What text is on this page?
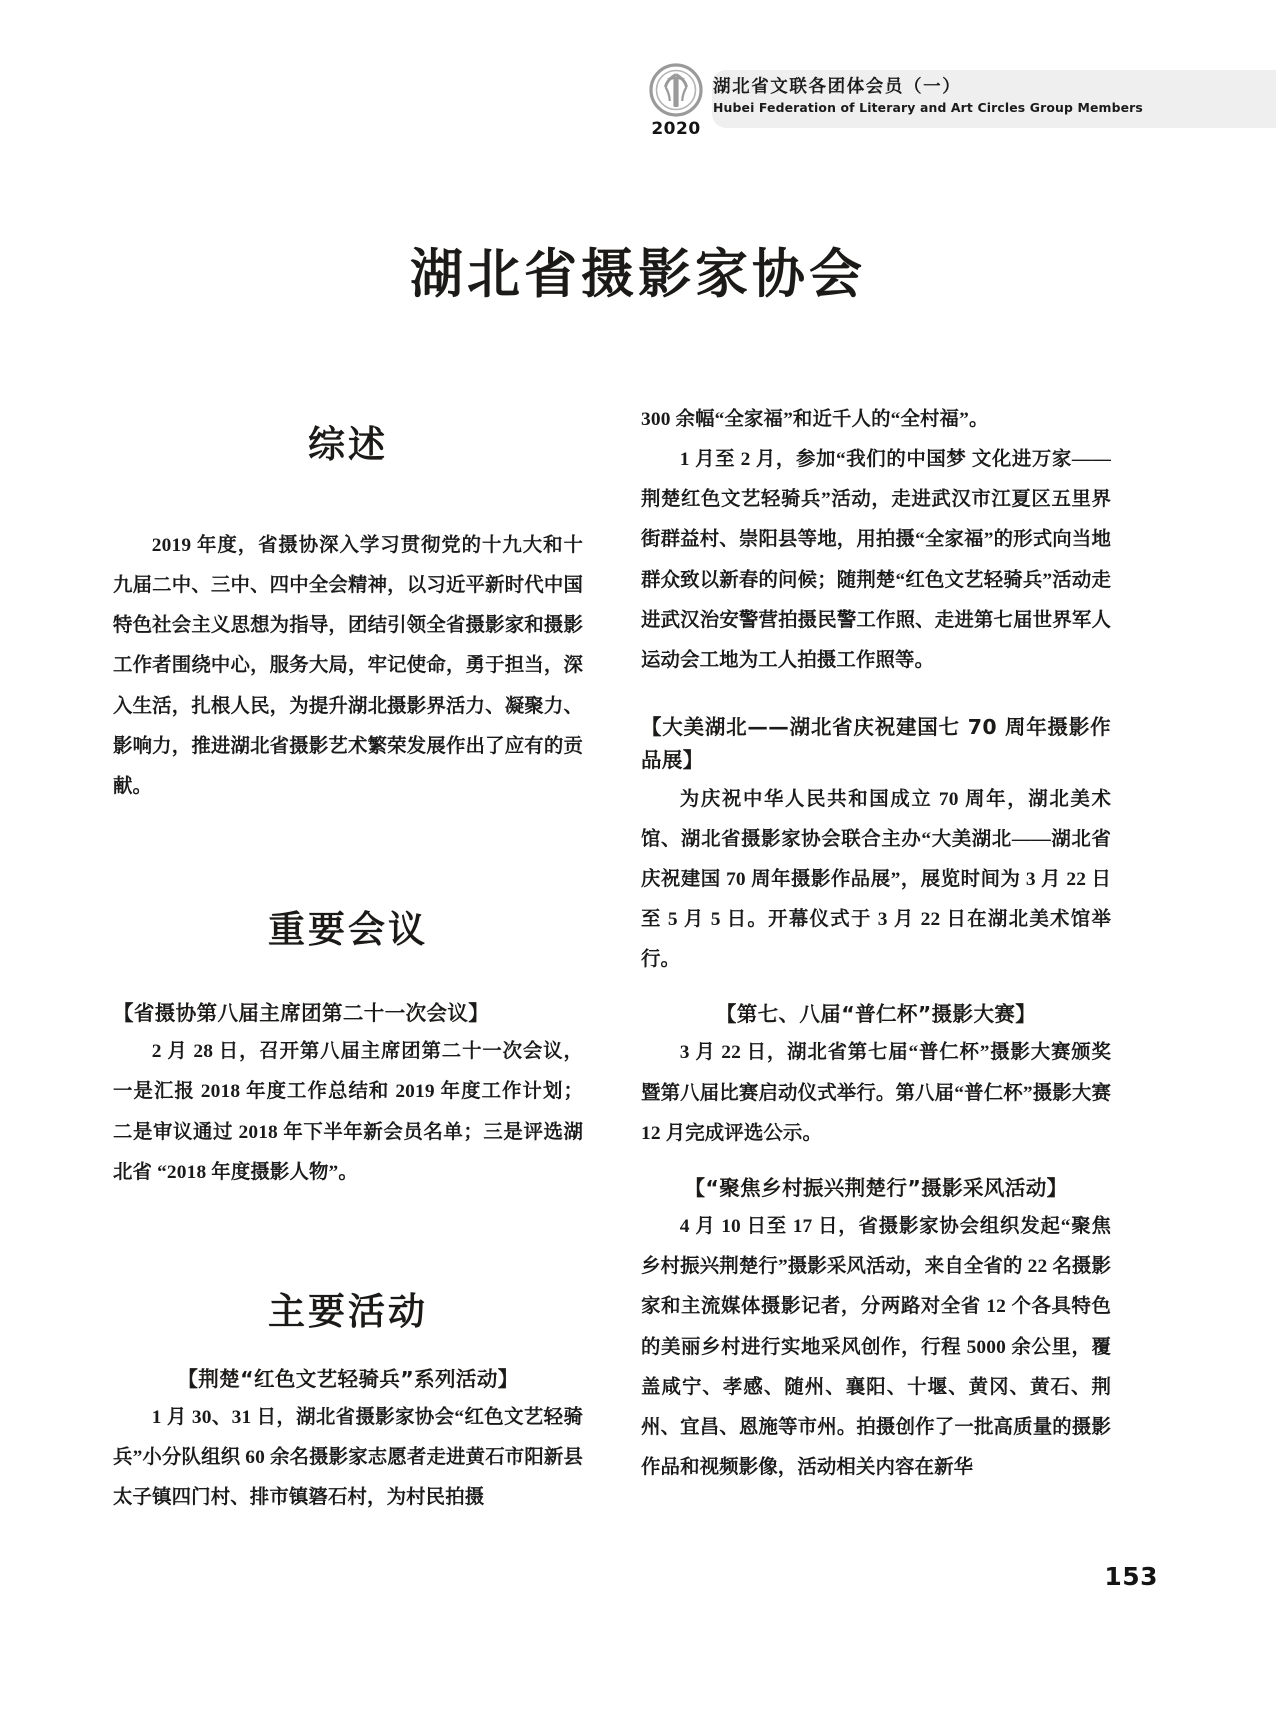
2020
湖北省文联各团体会员（一）
Hubei Federation of Literary and Art Circles Group Members
湖北省摄影家协会
综述

2019 年度，省摄协深入学习贯彻党的十九大和十九届二中、三中、四中全会精神，以习近平新时代中国特色社会主义思想为指导，团结引领全省摄影家和摄影工作者围绕中心，服务大局，牢记使命，勇于担当，深入生活，扎根人民，为提升湖北摄影界活力、凝聚力、影响力，推进湖北省摄影艺术繁荣发展作出了应有的贡献。

重要会议
【省摄协第八届主席团第二十一次会议】

2 月 28 日，召开第八届主席团第二十一次会议，一是汇报 2018 年度工作总结和 2019 年度工作计划；二是审议通过 2018 年下半年新会员名单；三是评选湖北省 “2018 年度摄影人物”。

主要活动
【荆楚“红色文艺轻骑兵”系列活动】

1 月 30、31 日，湖北省摄影家协会“红色文艺轻骑兵”小分队组织 60 余名摄影家志愿者走进黄石市阳新县太子镇四门村、排市镇碆石村，为村民拍摄

300 余幅“全家福”和近千人的“全村福”。

1 月至 2 月，参加“我们的中国梦 文化进万家——荆楚红色文艺轻骑兵”活动，走进武汉市江夏区五里界街群益村、崇阳县等地，用拍摄“全家福”的形式向当地群众致以新春的问候；随荆楚“红色文艺轻骑兵”活动走进武汉治安警营拍摄民警工作照、走进第七届世界军人运动会工地为工人拍摄工作照等。

【大美湖北——湖北省庆祝建国七 70 周年摄影作品展】

为庆祝中华人民共和国成立 70 周年，湖北美术馆、湖北省摄影家协会联合主办“大美湖北——湖北省庆祝建国 70 周年摄影作品展”，展览时间为 3 月 22 日至 5 月 5 日。开幕仪式于 3 月 22 日在湖北美术馆举行。

【第七、八届“普仁杯”摄影大赛】

3 月 22 日，湖北省第七届“普仁杯”摄影大赛颁奖暨第八届比赛启动仪式举行。第八届“普仁杯”摄影大赛 12 月完成评选公示。

【“聚焦乡村振兴荆楚行”摄影采风活动】

4 月 10 日至 17 日，省摄影家协会组织发起“聚焦乡村振兴荆楚行”摄影采风活动，来自全省的 22 名摄影家和主流媒体摄影记者，分两路对全省 12 个各具特色的美丽乡村进行实地采风创作，行程 5000 余公里，覆盖咸宁、孝感、随州、襄阳、十堰、黄冈、黄石、荆州、宜昌、恩施等市州。拍摄创作了一批高质量的摄影作品和视频影像，活动相关内容在新华

153
